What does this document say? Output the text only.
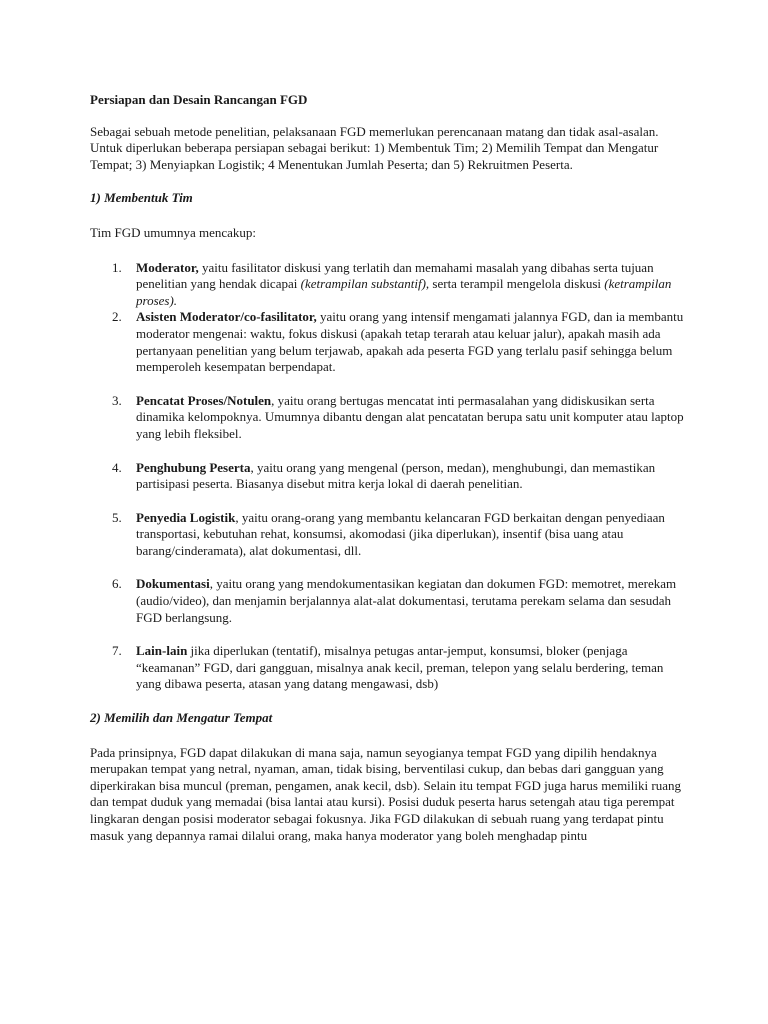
Persiapan dan Desain Rancangan FGD

Sebagai sebuah metode penelitian, pelaksanaan FGD memerlukan perencanaan matang dan tidak asal-asalan. Untuk diperlukan beberapa persiapan sebagai berikut: 1) Membentuk Tim; 2) Memilih Tempat dan Mengatur Tempat; 3) Menyiapkan Logistik; 4 Menentukan Jumlah Peserta; dan 5) Rekruitmen Peserta.

1) Membentuk Tim

Tim FGD umumnya mencakup:

1. Moderator, yaitu fasilitator diskusi yang terlatih dan memahami masalah yang dibahas serta tujuan penelitian yang hendak dicapai (ketrampilan substantif), serta terampil mengelola diskusi (ketrampilan proses).
2. Asisten Moderator/co-fasilitator, yaitu orang yang intensif mengamati jalannya FGD, dan ia membantu moderator mengenai: waktu, fokus diskusi (apakah tetap terarah atau keluar jalur), apakah masih ada pertanyaan penelitian yang belum terjawab, apakah ada peserta FGD yang terlalu pasif sehingga belum memperoleh kesempatan berpendapat.
3. Pencatat Proses/Notulen, yaitu orang bertugas mencatat inti permasalahan yang didiskusikan serta dinamika kelompoknya. Umumnya dibantu dengan alat pencatatan berupa satu unit komputer atau laptop yang lebih fleksibel.
4. Penghubung Peserta, yaitu orang yang mengenal (person, medan), menghubungi, dan memastikan partisipasi peserta. Biasanya disebut mitra kerja lokal di daerah penelitian.
5. Penyedia Logistik, yaitu orang-orang yang membantu kelancaran FGD berkaitan dengan penyediaan transportasi, kebutuhan rehat, konsumsi, akomodasi (jika diperlukan), insentif (bisa uang atau barang/cinderamata), alat dokumentasi, dll.
6. Dokumentasi, yaitu orang yang mendokumentasikan kegiatan dan dokumen FGD: memotret, merekam (audio/video), dan menjamin berjalannya alat-alat dokumentasi, terutama perekam selama dan sesudah FGD berlangsung.
7. Lain-lain jika diperlukan (tentatif), misalnya petugas antar-jemput, konsumsi, bloker (penjaga “keamanan” FGD, dari gangguan, misalnya anak kecil, preman, telepon yang selalu berdering, teman yang dibawa peserta, atasan yang datang mengawasi, dsb)

2) Memilih dan Mengatur Tempat

Pada prinsipnya, FGD dapat dilakukan di mana saja, namun seyogianya tempat FGD yang dipilih hendaknya merupakan tempat yang netral, nyaman, aman, tidak bising, berventilasi cukup, dan bebas dari gangguan yang diperkirakan bisa muncul (preman, pengamen, anak kecil, dsb). Selain itu tempat FGD juga harus memiliki ruang dan tempat duduk yang memadai (bisa lantai atau kursi). Posisi duduk peserta harus setengah atau tiga perempat lingkaran dengan posisi moderator sebagai fokusnya. Jika FGD dilakukan di sebuah ruang yang terdapat pintu masuk yang depannya ramai dilalui orang, maka hanya moderator yang boleh menghadap pintu
